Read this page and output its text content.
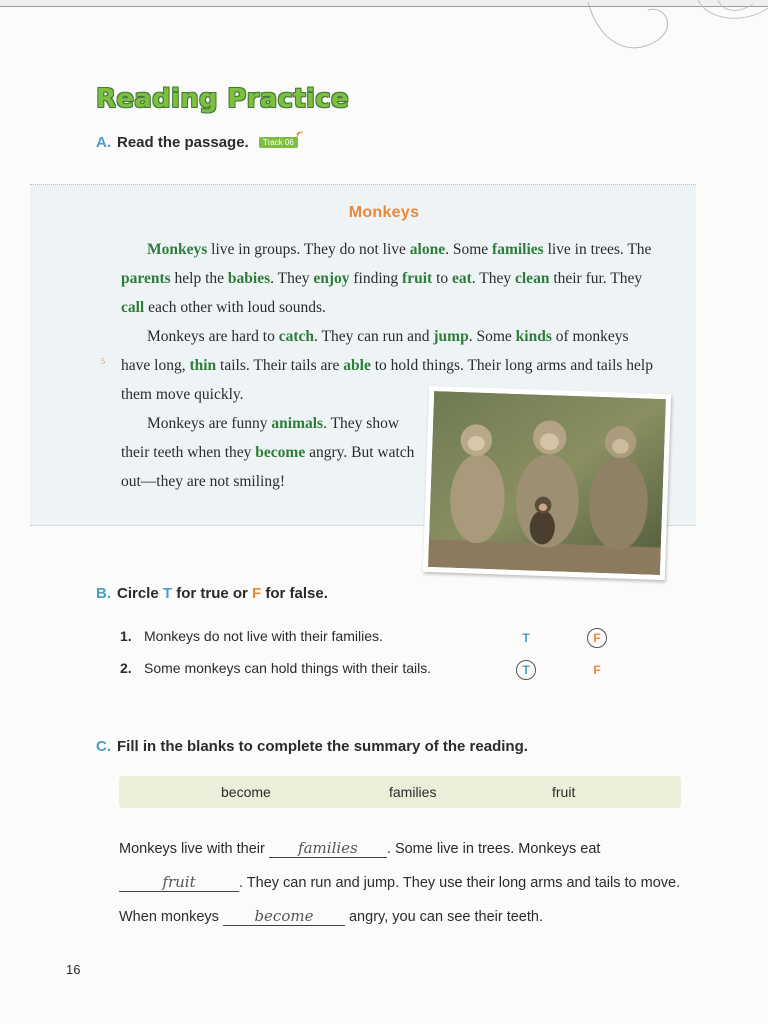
Reading Practice
A. Read the passage. Track 06
Monkeys
5

Monkeys live in groups. They do not live alone. Some families live in trees. The parents help the babies. They enjoy finding fruit to eat. They clean their fur. They call each other with loud sounds.

Monkeys are hard to catch. They can run and jump. Some kinds of monkeys have long, thin tails. Their tails are able to hold things. Their long arms and tails help them move quickly.

Monkeys are funny animals. They show their teeth when they become angry. But watch out—they are not smiling!

B. Circle T for true or F for false.
1. Monkeys do not live with their families.	T	F
2. Some monkeys can hold things with their tails.	T	F
C. Fill in the blanks to complete the summary of the reading.
become	families	fruit
Monkeys live with their families . Some live in trees. Monkeys eat fruit	. They can run and jump. They use their long arms and tails to move. When monkeys become angry, you can see their teeth.
16
